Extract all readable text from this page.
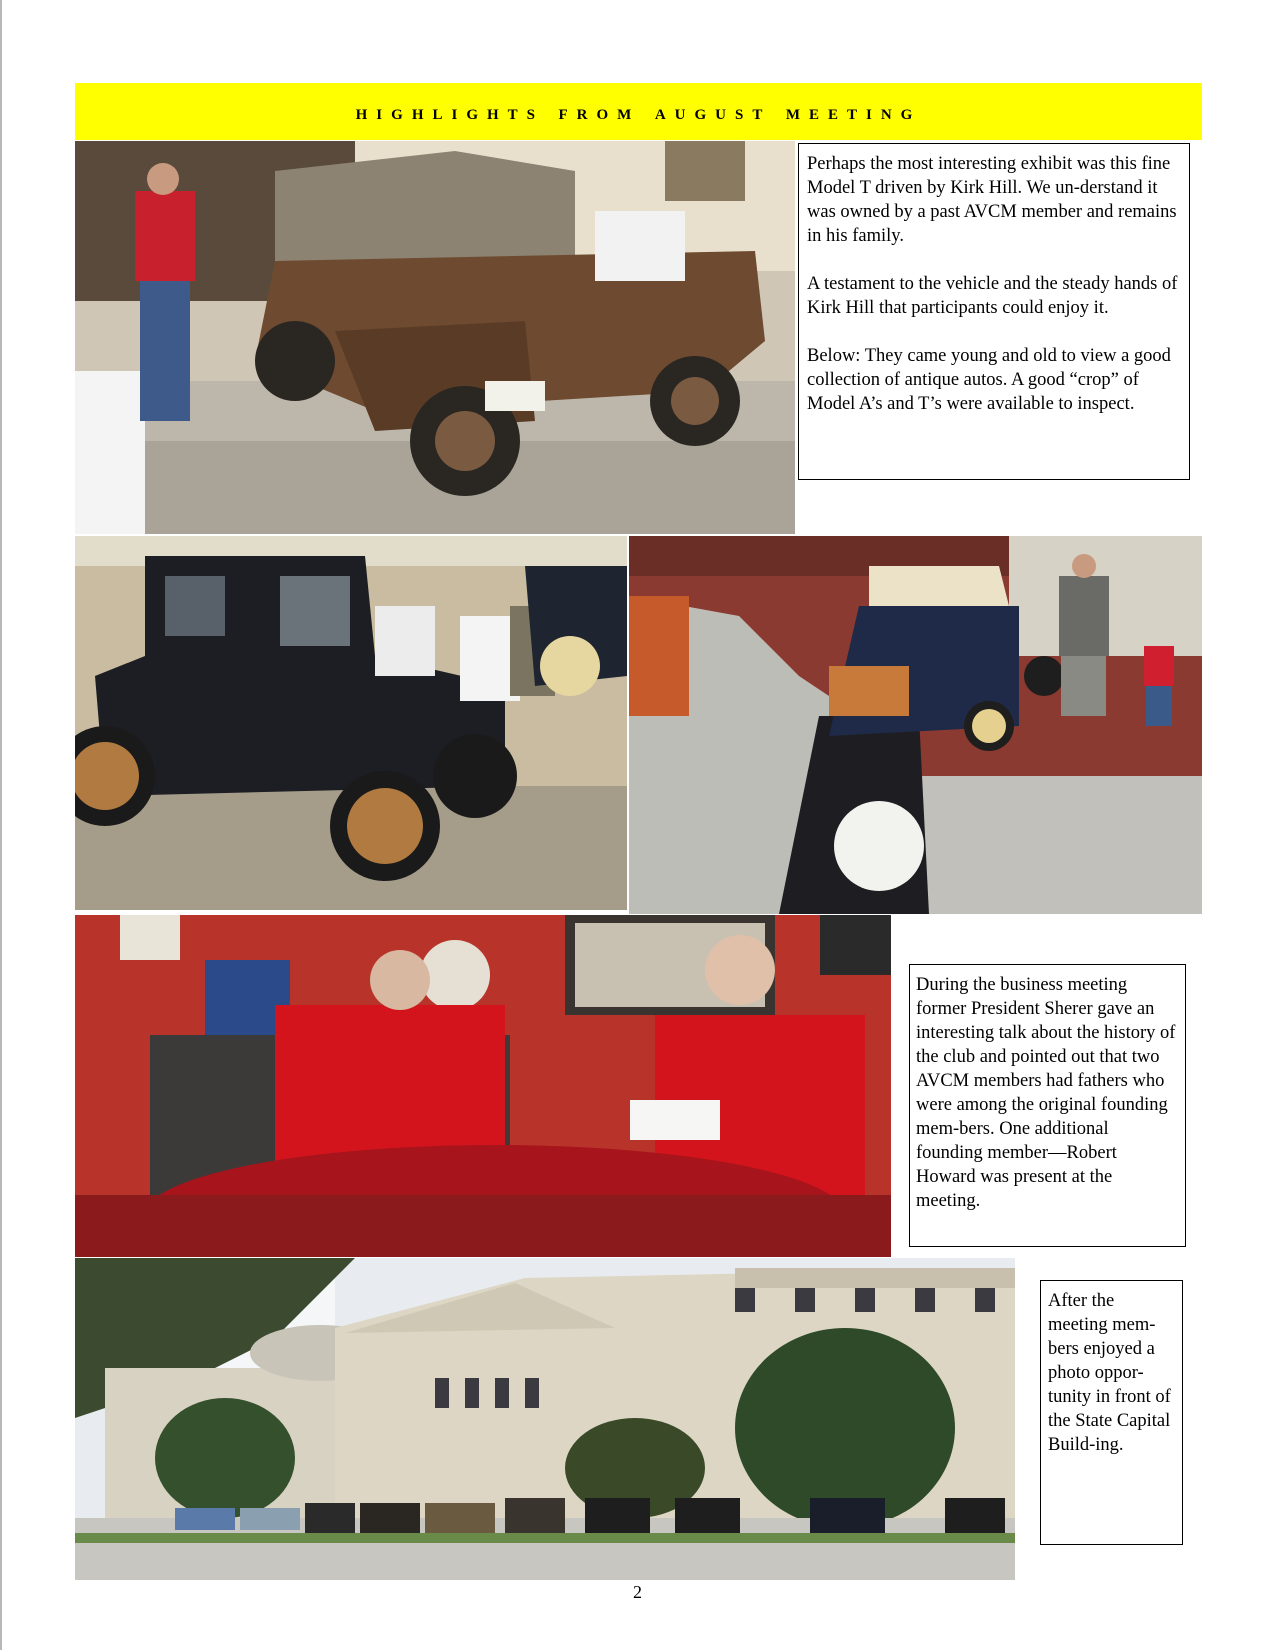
highlights from august meeting

Perhaps the most interesting exhibit was this fine Model T driven by Kirk Hill. We un-derstand it was owned by a past AVCM member and remains in his family.

A testament to the vehicle and the steady hands of Kirk Hill that participants could enjoy it.

Below: They came young and old to view a good collection of antique autos. A good “crop” of Model A’s and T’s were available to inspect.

During the business meeting former President Sherer gave an interesting talk about the history of the club and pointed out that two AVCM members had fathers who were among the original founding mem-bers. One additional founding member—Robert Howard was present at the meeting.

After the meeting mem-bers enjoyed a photo oppor-tunity in front of the State Capital Build-ing.

2
